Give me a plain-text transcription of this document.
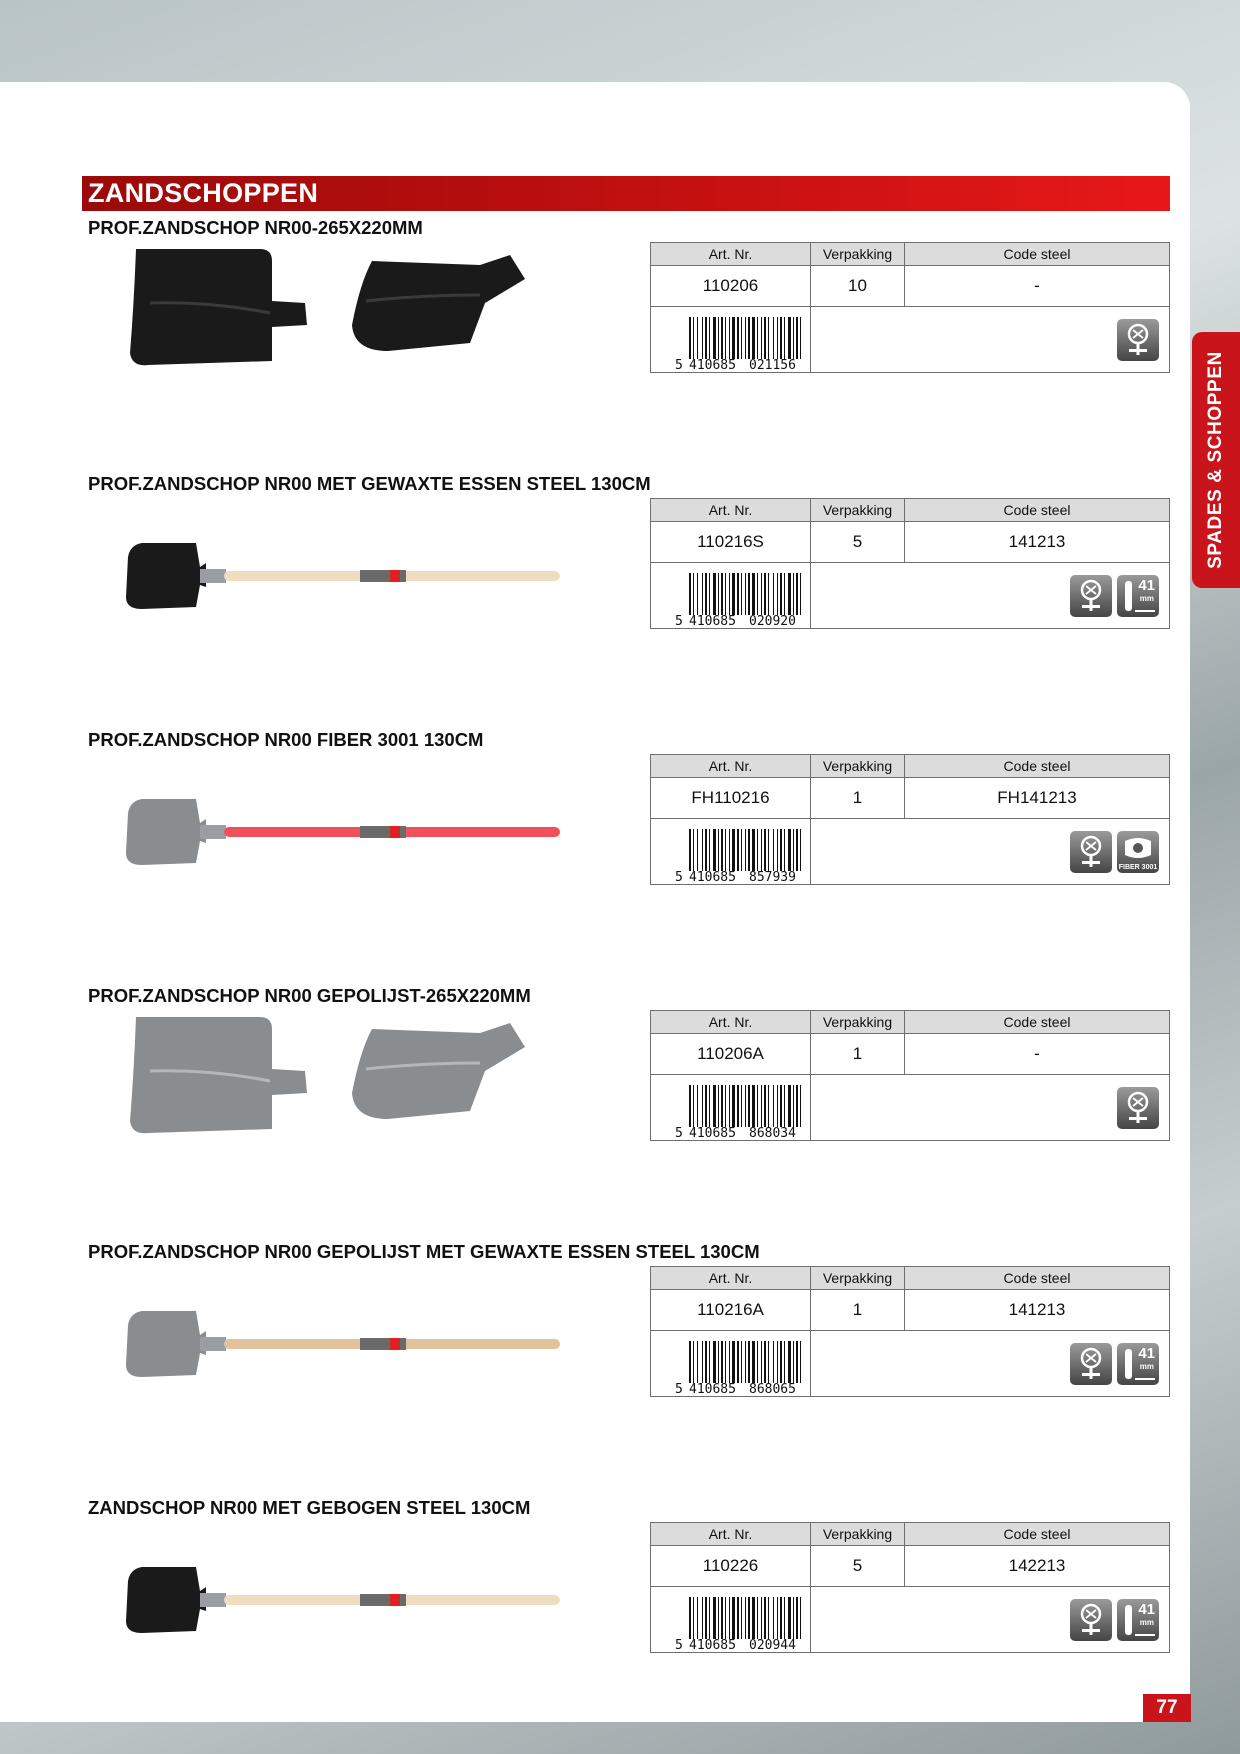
ZANDSCHOPPEN
SPADES & SCHOPPEN
77
PROF.ZANDSCHOP NR00-265X220MM
Art. Nr.	Verpakking	Code steel
110206	10	-

5 410685 021156

PROF.ZANDSCHOP NR00 MET GEWAXTE ESSEN STEEL 130CM
Art. Nr.	Verpakking	Code steel
110216S	5	141213

5 410685 020920	41
mm	
PROF.ZANDSCHOP NR00 FIBER 3001 130CM
Art. Nr.	Verpakking	Code steel
FH110216	1	FH141213

5 410685 857939	FIBER 3001	
PROF.ZANDSCHOP NR00 GEPOLIJST-265X220MM
Art. Nr.	Verpakking	Code steel
110206A	1	-

5 410685 868034

PROF.ZANDSCHOP NR00 GEPOLIJST MET GEWAXTE ESSEN STEEL 130CM
Art. Nr.	Verpakking	Code steel
110216A	1	141213

5 410685 868065	41
mm	
ZANDSCHOP NR00 MET GEBOGEN STEEL 130CM
Art. Nr.	Verpakking	Code steel
110226	5	142213

5 410685 020944	41
mm	
